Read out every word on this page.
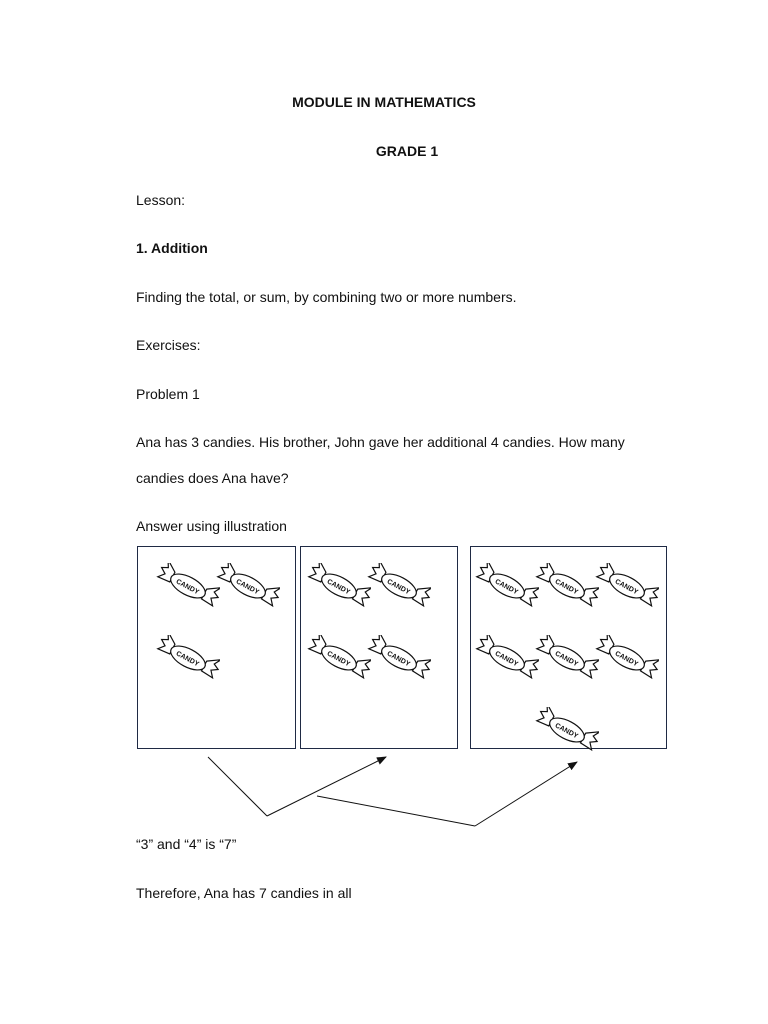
MODULE IN MATHEMATICS
GRADE 1
Lesson:
1. Addition
Finding the total, or sum, by combining two or more numbers.
Exercises:
Problem 1
Ana has 3 candies. His brother, John gave her additional 4 candies. How many
candies does Ana have?
Answer using illustration
CANDY	CANDY
CANDY
CANDY	CANDY
CANDY	CANDY
CANDY	CANDY	CANDY
CANDY	CANDY	CANDY
CANDY
“3” and “4” is “7”
Therefore, Ana has 7 candies in all
